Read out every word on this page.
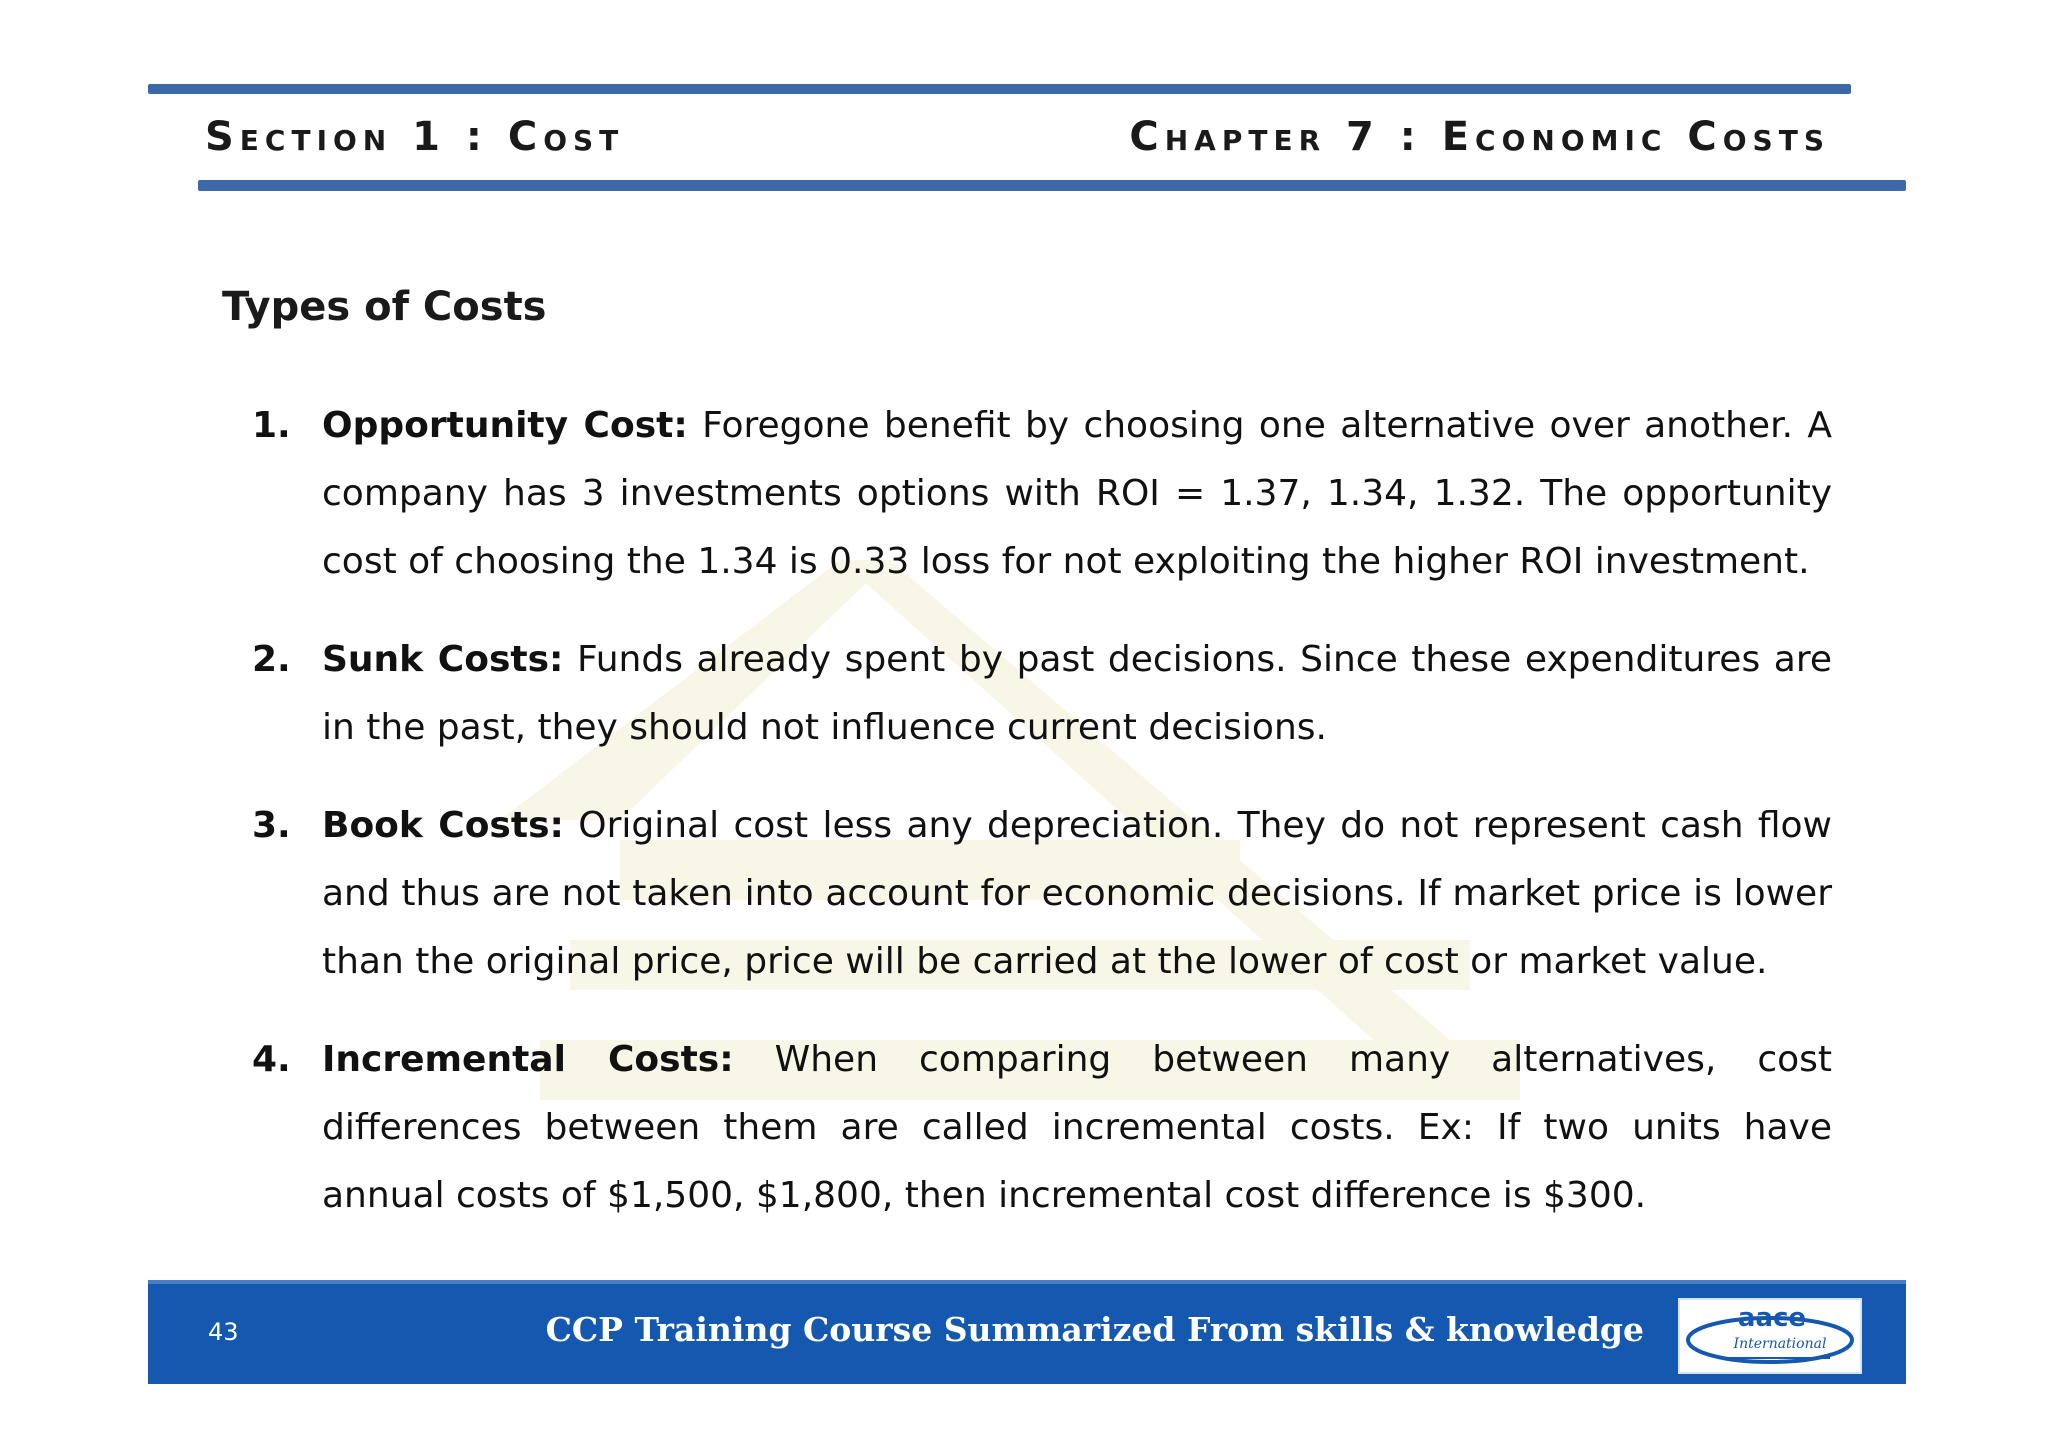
Section 1 : Cost	Chapter 7 : Economic Costs
Types of Costs
1. Opportunity Cost: Foregone benefit by choosing one alternative over another. A company has 3 investments options with ROI = 1.37, 1.34, 1.32. The opportunity cost of choosing the 1.34 is 0.33 loss for not exploiting the higher ROI investment.
2. Sunk Costs: Funds already spent by past decisions. Since these expenditures are in the past, they should not influence current decisions.
3. Book Costs: Original cost less any depreciation. They do not represent cash flow and thus are not taken into account for economic decisions. If market price is lower than the original price, price will be carried at the lower of cost or market value.
4. Incremental Costs: When comparing between many alternatives, cost differences between them are called incremental costs. Ex: If two units have annual costs of $1,500, $1,800, then incremental cost difference is $300.
43	CCP Training Course Summarized From skills & knowledge	aace
International
